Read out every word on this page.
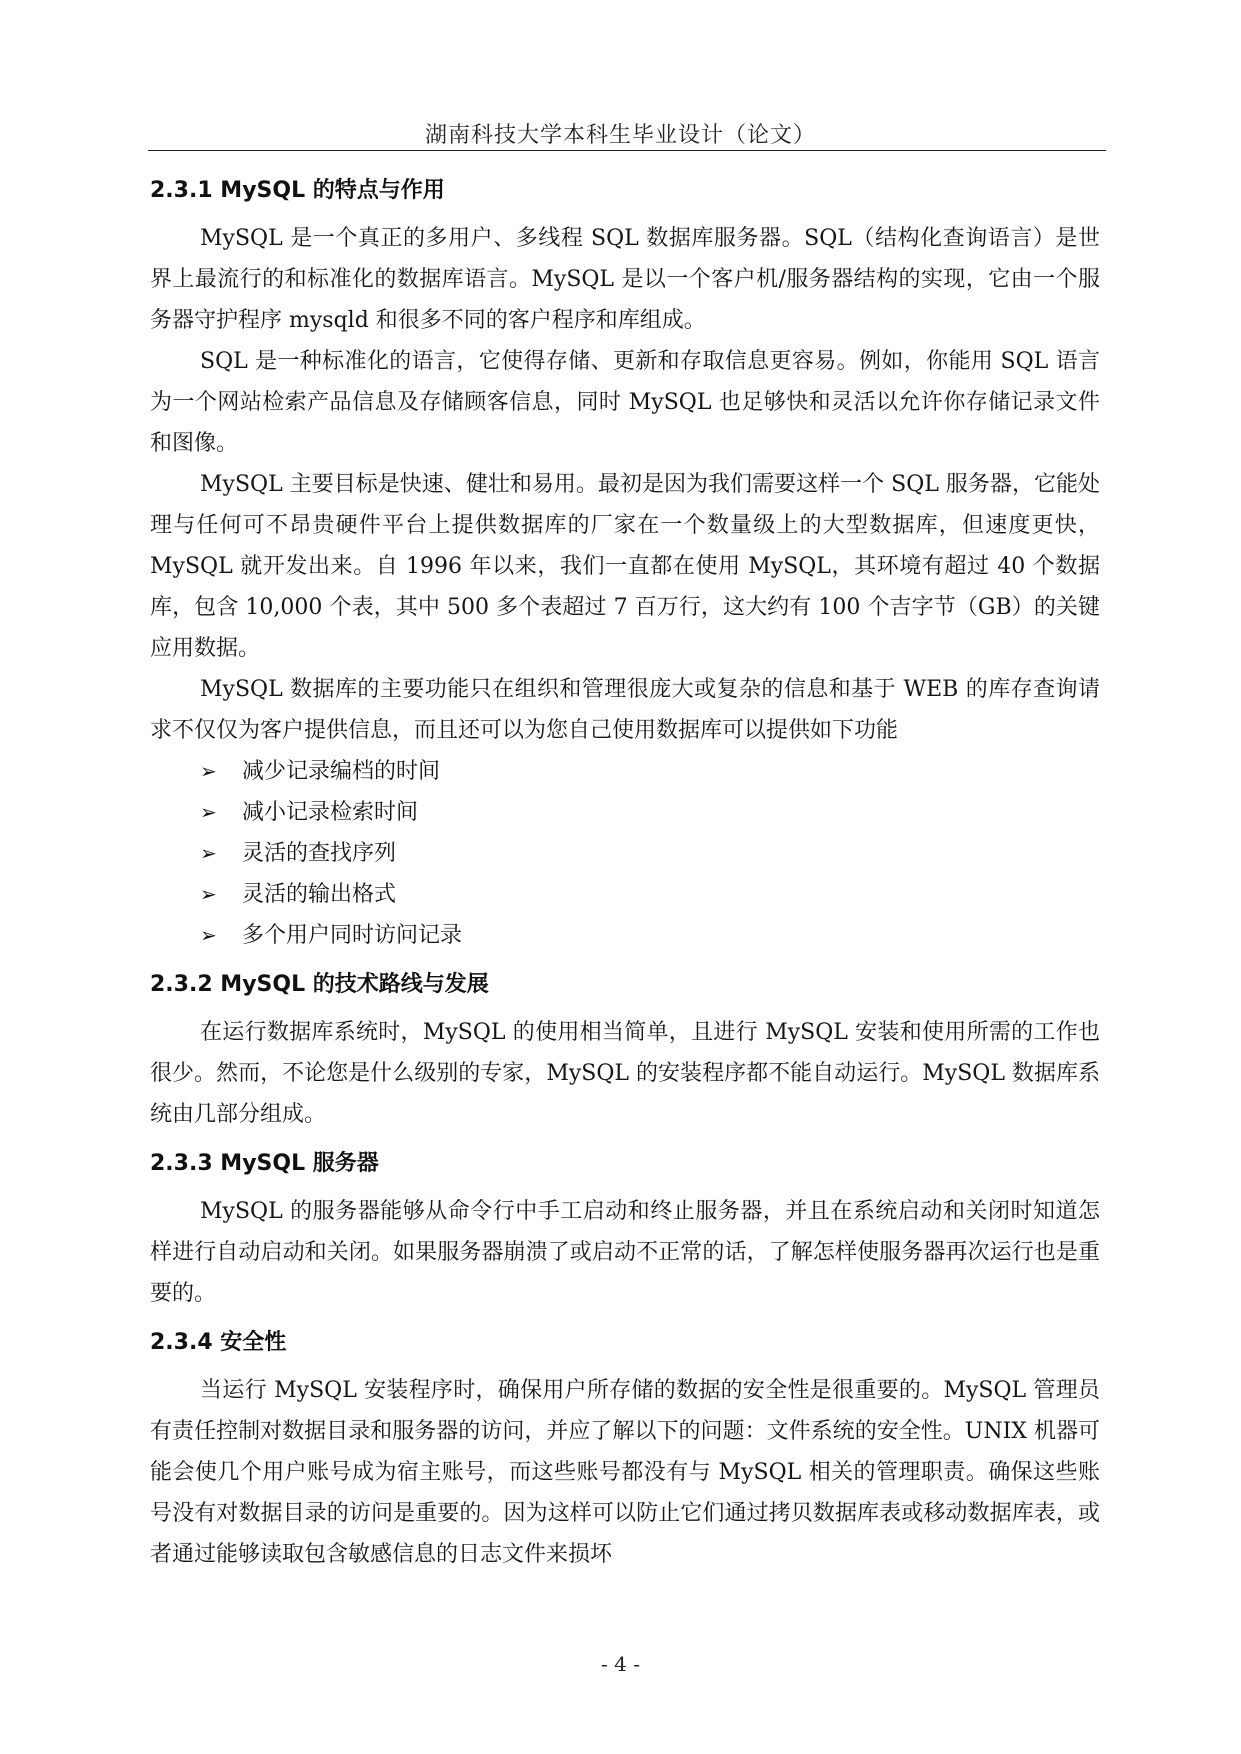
湖南科技大学本科生毕业设计（论文）
2.3.1 MySQL 的特点与作用

MySQL 是一个真正的多用户、多线程 SQL 数据库服务器。SQL（结构化查询语言）是世界上最流行的和标准化的数据库语言。MySQL 是以一个客户机/服务器结构的实现，它由一个服务器守护程序 mysqld 和很多不同的客户程序和库组成。

SQL 是一种标准化的语言，它使得存储、更新和存取信息更容易。例如，你能用 SQL 语言为一个网站检索产品信息及存储顾客信息，同时 MySQL 也足够快和灵活以允许你存储记录文件和图像。

MySQL 主要目标是快速、健壮和易用。最初是因为我们需要这样一个 SQL 服务器，它能处理与任何可不昂贵硬件平台上提供数据库的厂家在一个数量级上的大型数据库，但速度更快，MySQL 就开发出来。自 1996 年以来，我们一直都在使用 MySQL，其环境有超过 40 个数据库，包含 10,000 个表，其中 500 多个表超过 7 百万行，这大约有 100 个吉字节（GB）的关键应用数据。

MySQL 数据库的主要功能只在组织和管理很庞大或复杂的信息和基于 WEB 的库存查询请求不仅仅为客户提供信息，而且还可以为您自己使用数据库可以提供如下功能

➢	减少记录编档的时间
➢	减小记录检索时间
➢	灵活的查找序列
➢	灵活的输出格式
➢	多个用户同时访问记录
2.3.2 MySQL 的技术路线与发展

在运行数据库系统时，MySQL 的使用相当简单，且进行 MySQL 安装和使用所需的工作也很少。然而，不论您是什么级别的专家，MySQL 的安装程序都不能自动运行。MySQL 数据库系统由几部分组成。

2.3.3 MySQL 服务器

MySQL 的服务器能够从命令行中手工启动和终止服务器，并且在系统启动和关闭时知道怎样进行自动启动和关闭。如果服务器崩溃了或启动不正常的话，了解怎样使服务器再次运行也是重要的。

2.3.4 安全性

当运行 MySQL 安装程序时，确保用户所存储的数据的安全性是很重要的。MySQL 管理员有责任控制对数据目录和服务器的访问，并应了解以下的问题：文件系统的安全性。UNIX 机器可能会使几个用户账号成为宿主账号，而这些账号都没有与 MySQL 相关的管理职责。确保这些账号没有对数据目录的访问是重要的。因为这样可以防止它们通过拷贝数据库表或移动数据库表，或者通过能够读取包含敏感信息的日志文件来损坏

- 4 -
